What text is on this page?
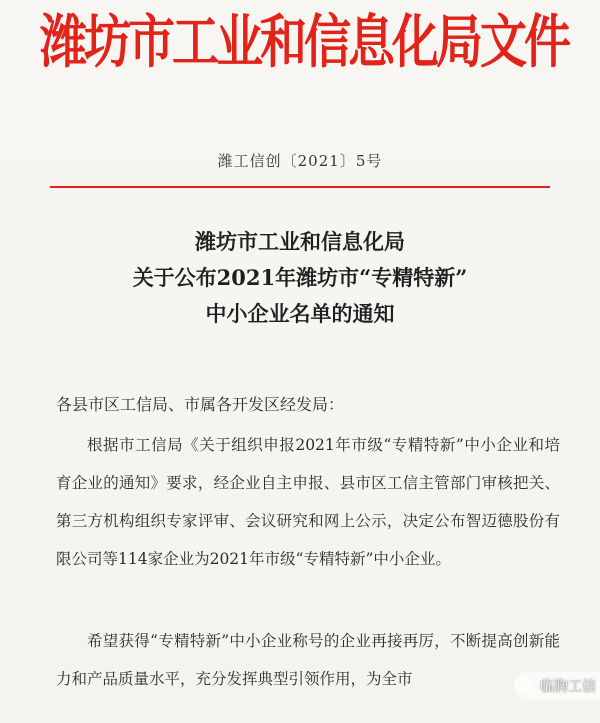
潍坊市工业和信息化局文件
潍工信创〔2021〕5号
潍坊市工业和信息化局
关于公布2021年潍坊市“专精特新”
中小企业名单的通知
各县市区工信局、市属各开发区经发局：

根据市工信局《关于组织申报2021年市级“专精特新”中小企业和培育企业的通知》要求，经企业自主申报、县市区工信主管部门审核把关、第三方机构组织专家评审、会议研究和网上公示，决定公布智迈德股份有限公司等114家企业为2021年市级“专精特新”中小企业。

希望获得“专精特新”中小企业称号的企业再接再厉，不断提高创新能力和产品质量水平，充分发挥典型引领作用，为全市	临朐工信
